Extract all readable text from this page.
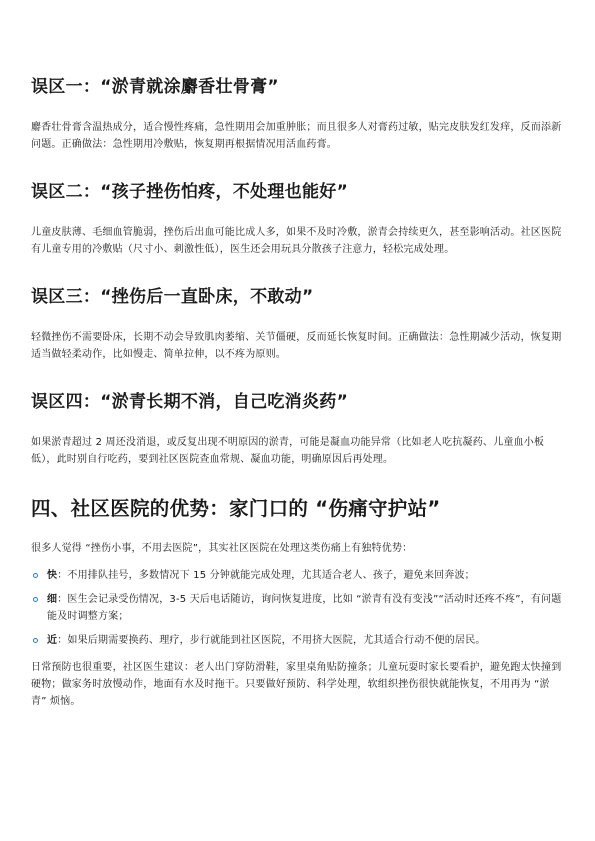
误区一：“淤青就涂麝香壮骨膏”

麝香壮骨膏含温热成分，适合慢性疼痛，急性期用会加重肿胀；而且很多人对膏药过敏，贴完皮肤发红发痒，反而添新问题。正确做法：急性期用冷敷贴，恢复期再根据情况用活血药膏。

误区二：“孩子挫伤怕疼，不处理也能好”

儿童皮肤薄、毛细血管脆弱，挫伤后出血可能比成人多，如果不及时冷敷，淤青会持续更久，甚至影响活动。社区医院有儿童专用的冷敷贴（尺寸小、刺激性低），医生还会用玩具分散孩子注意力，轻松完成处理。

误区三：“挫伤后一直卧床，不敢动”

轻微挫伤不需要卧床，长期不动会导致肌肉萎缩、关节僵硬，反而延长恢复时间。正确做法：急性期减少活动，恢复期适当做轻柔动作，比如慢走、简单拉伸，以不疼为原则。

误区四：“淤青长期不消，自己吃消炎药”

如果淤青超过 2 周还没消退，或反复出现不明原因的淤青，可能是凝血功能异常（比如老人吃抗凝药、儿童血小板低），此时别自行吃药，要到社区医院查血常规、凝血功能，明确原因后再处理。

四、社区医院的优势：家门口的 “伤痛守护站”

很多人觉得 “挫伤小事，不用去医院”，其实社区医院在处理这类伤痛上有独特优势：

快：不用排队挂号，多数情况下 15 分钟就能完成处理，尤其适合老人、孩子，避免来回奔波；
细：医生会记录受伤情况，3-5 天后电话随访，询问恢复进度，比如 “淤青有没有变浅”“活动时还疼不疼”，有问题能及时调整方案；
近：如果后期需要换药、理疗，步行就能到社区医院，不用挤大医院，尤其适合行动不便的居民。

日常预防也很重要，社区医生建议：老人出门穿防滑鞋，家里桌角贴防撞条；儿童玩耍时家长要看护，避免跑太快撞到硬物；做家务时放慢动作，地面有水及时拖干。只要做好预防、科学处理，软组织挫伤很快就能恢复，不用再为 “淤青” 烦恼。
